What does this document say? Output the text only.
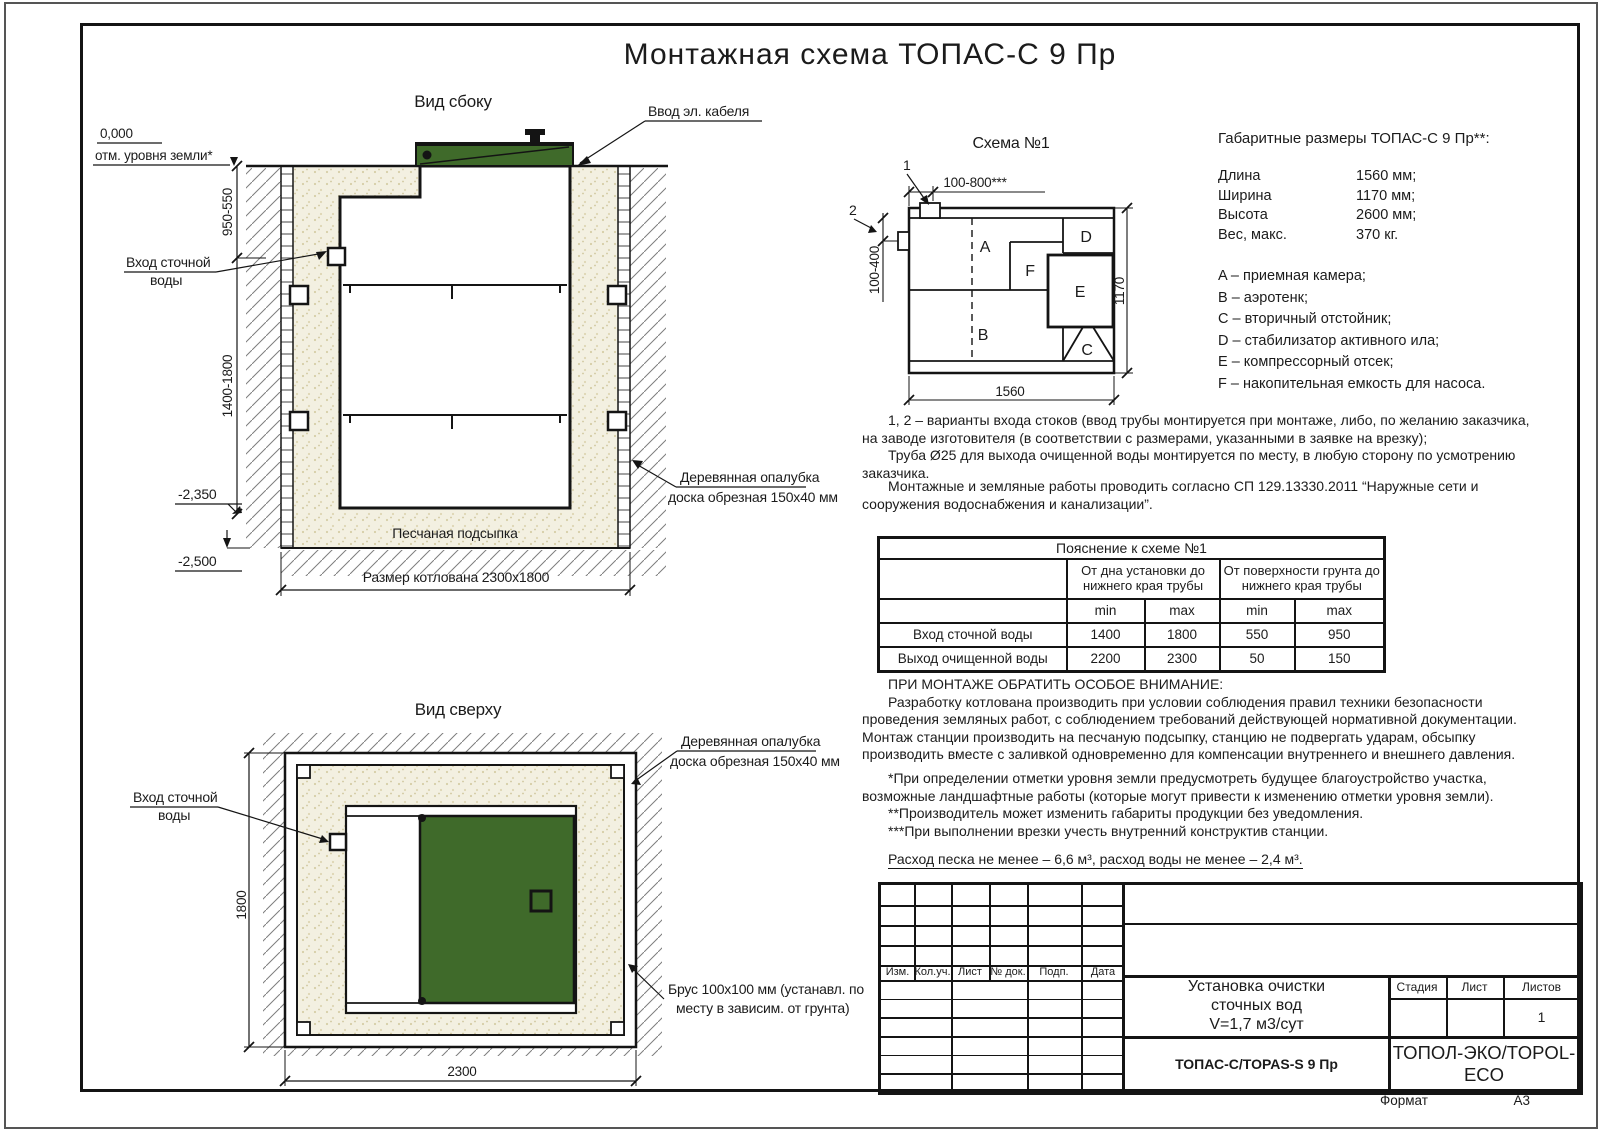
Монтажная схема ТОПАС-С 9 Пр
950-550
1400-1800
0,000
отм. уровня земли*
Вход сточной
воды
Ввод эл. кабеля
Деревянная опалубка
доска обрезная 150х40 мм
Песчаная подсыпка
Размер котлована 2300х1800
-2,350
-2,500
Вид сбоку
Вход сточной
воды
Деревянная опалубка
доска обрезная 150х40 мм
Брус 100х100 мм (устанавл. по
месту в зависим. от грунта)
1800
2300
Вид сверху
A
B
C
D
E
F
1
2
100-800***
100-400	1170
1560
Схема №1	Габаритные размеры ТОПАС-С 9 Пр**:
Длина	1560 мм;
Ширина	1170 мм;
Высота	2600 мм;
Вес, макс.	370 кг.
A – приемная камера;
B – аэротенк;
C – вторичный отстойник;
D – стабилизатор активного ила;
E – компрессорный отсек;
F – накопительная емкость для насоса.

1, 2 – варианты входа стоков (ввод трубы монтируется при монтаже, либо, по желанию заказчика, на заводе изготовителя (в соответствии с размерами, указанными в заявке на врезку);

Труба Ø25 для выхода очищенной воды монтируется по месту, в любую сторону по усмотрению заказчика.

Монтажные и земляные работы проводить согласно СП 129.13330.2011 “Наружные сети и сооружения водоснабжения и канализации”.

Пояснение к схеме №1				
	От дна установки до нижнего края трубы		От поверхности грунта до нижнего края трубы	
	min	max	min	max
Вход сточной воды	1400	1800	550	950
Выход очищенной воды	2200	2300	50	150

ПРИ МОНТАЖЕ ОБРАТИТЬ ОСОБОЕ ВНИМАНИЕ:

Разработку котлована производить при условии соблюдения правил техники безопасности проведения земляных работ, с соблюдением требований действующей нормативной документации. Монтаж станции производить на песчаную подсыпку, станцию не подвергать ударам, обсыпку производить вместе с заливкой одновременно для компенсации внутреннего и внешнего давления.

*При определении отметки уровня земли предусмотреть будущее благоустройство участка, возможные ландшафтные работы (которые могут привести к изменению отметки уровня земли).

**Производитель может изменить габариты продукции без уведомления.

***При выполнении врезки учесть внутренний конструктив станции.

Расход песка не менее – 6,6 м³, расход воды не менее – 2,4 м³.
Изм. Кол.уч. Лист № док.	Подп.	Дата
Стадия	Лист	Листов
1
Установка очистки
сточных вод
V=1,7 м3/сут
ТОПАС-С/TOPAS-S 9 Пр
ТОПОЛ-ЭКО/TOPOL-ECO
Формат	А3
